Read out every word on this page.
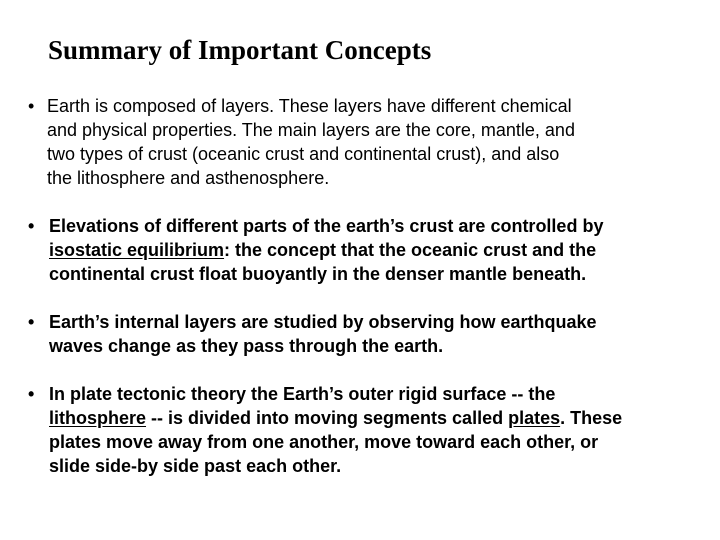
Summary of Important Concepts
• Earth is composed of layers. These layers have different chemical
and physical properties. The main layers are the core, mantle, and
two types of crust (oceanic crust and continental crust), and also
the lithosphere and asthenosphere.
• Elevations of different parts of the earth’s crust are controlled by
isostatic equilibrium: the concept that the oceanic crust and the
continental crust float buoyantly in the denser mantle beneath.
• Earth’s internal layers are studied by observing how earthquake
waves change as they pass through the earth.
• In plate tectonic theory the Earth’s outer rigid surface -- the
lithosphere -- is divided into moving segments called plates. These
plates move away from one another, move toward each other, or
slide side-by side past each other.
